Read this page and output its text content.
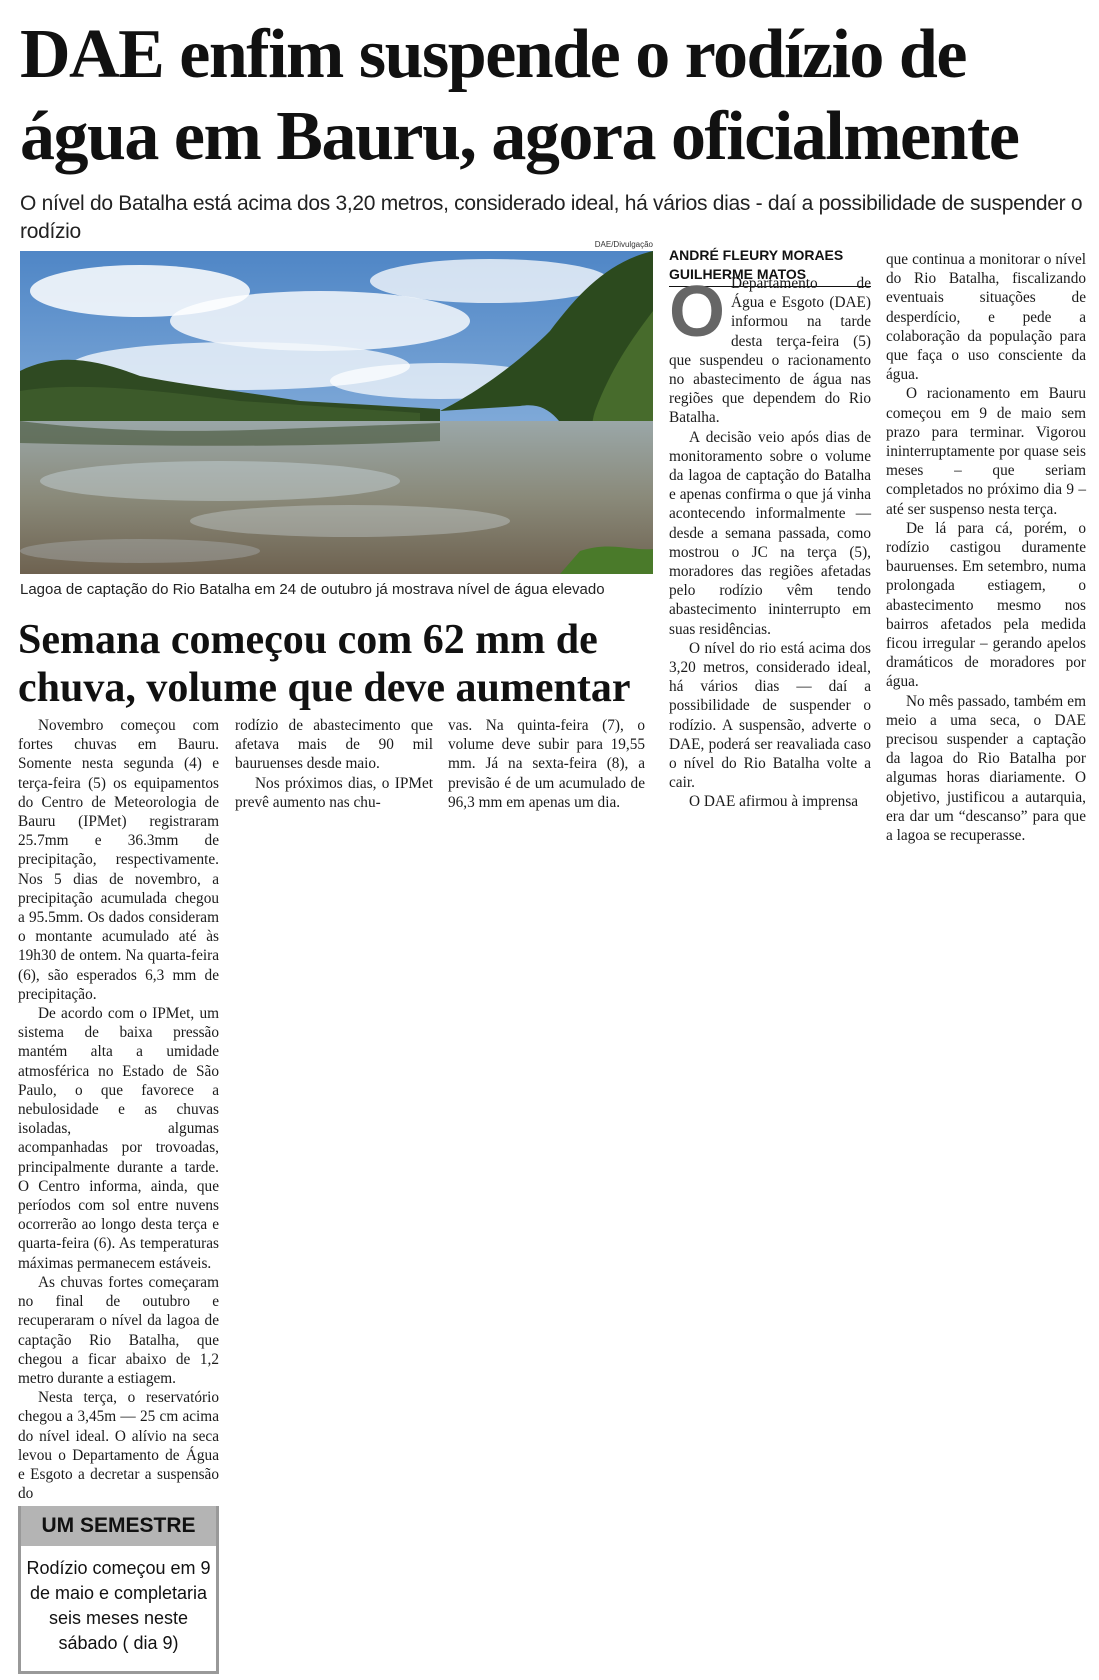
DAE enfim suspende o rodízio de água em Bauru, agora oficialmente
O nível do Batalha está acima dos 3,20 metros, considerado ideal, há vários dias - daí a possibilidade de suspender o rodízio
DAE/Divulgação
Lagoa de captação do Rio Batalha em 24 de outubro já mostrava nível de água elevado
Semana começou com 62 mm de chuva, volume que deve aumentar

Novembro começou com fortes chuvas em Bauru. Somente nesta segunda (4) e terça-feira (5) os equipamentos do Centro de Meteorologia de Bauru (IPMet) registraram 25.7mm e 36.3mm de precipitação, respectivamente. Nos 5 dias de novembro, a precipitação acumulada chegou a 95.5mm. Os dados consideram o montante acumulado até às 19h30 de ontem. Na quarta-feira (6), são esperados 6,3 mm de precipitação.

De acordo com o IPMet, um sistema de baixa pressão mantém alta a umidade atmosférica no Estado de São Paulo, o que favorece a nebulosidade e as chuvas isoladas, algumas acompanhadas por trovoadas, principalmente durante a tarde. O Centro informa, ainda, que períodos com sol entre nuvens ocorrerão ao longo desta terça e quarta-feira (6). As temperaturas máximas permanecem estáveis.

As chuvas fortes começaram no final de outubro e recuperaram o nível da lagoa de captação Rio Batalha, que chegou a ficar abaixo de 1,2 metro durante a estiagem.

Nesta terça, o reservatório chegou a 3,45m — 25 cm acima do nível ideal. O alívio na seca levou o Departamento de Água e Esgoto a decretar a suspensão do

rodízio de abastecimento que afetava mais de 90 mil bauruenses desde maio.

Nos próximos dias, o IPMet prevê aumento nas chu-

vas. Na quinta-feira (7), o volume deve subir para 19,55 mm. Já na sexta-feira (8), a previsão é de um acumulado de 96,3 mm em apenas um dia.

ANDRÉ FLEURY MORAES
GUILHERME MATOS

O Departamento de Água e Esgoto (DAE) informou na tarde desta terça-feira (5) que suspendeu o racionamento no abastecimento de água nas regiões que dependem do Rio Batalha.

A decisão veio após dias de monitoramento sobre o volume da lagoa de captação do Batalha e apenas confirma o que já vinha acontecendo informalmente — desde a semana passada, como mostrou o JC na terça (5), moradores das regiões afetadas pelo rodízio vêm tendo abastecimento ininterrupto em suas residências.

O nível do rio está acima dos 3,20 metros, considerado ideal, há vários dias — daí a possibilidade de suspender o rodízio. A suspensão, adverte o DAE, poderá ser reavaliada caso o nível do Rio Batalha volte a cair.

O DAE afirmou à imprensa

que continua a monitorar o nível do Rio Batalha, fiscalizando eventuais situações de desperdício, e pede a colaboração da população para que faça o uso consciente da água.

O racionamento em Bauru começou em 9 de maio sem prazo para terminar. Vigorou ininterruptamente por quase seis meses – que seriam completados no próximo dia 9 – até ser suspenso nesta terça.

De lá para cá, porém, o rodízio castigou duramente bauruenses. Em setembro, numa prolongada estiagem, o abastecimento mesmo nos bairros afetados pela medida ficou irregular – gerando apelos dramáticos de moradores por água.

No mês passado, também em meio a uma seca, o DAE precisou suspender a captação da lagoa do Rio Batalha por algumas horas diariamente. O objetivo, justificou a autarquia, era dar um “descanso” para que a lagoa se recuperasse.

UM SEMESTRE
Rodízio começou em 9 de maio e completaria seis meses neste sábado ( dia 9)
